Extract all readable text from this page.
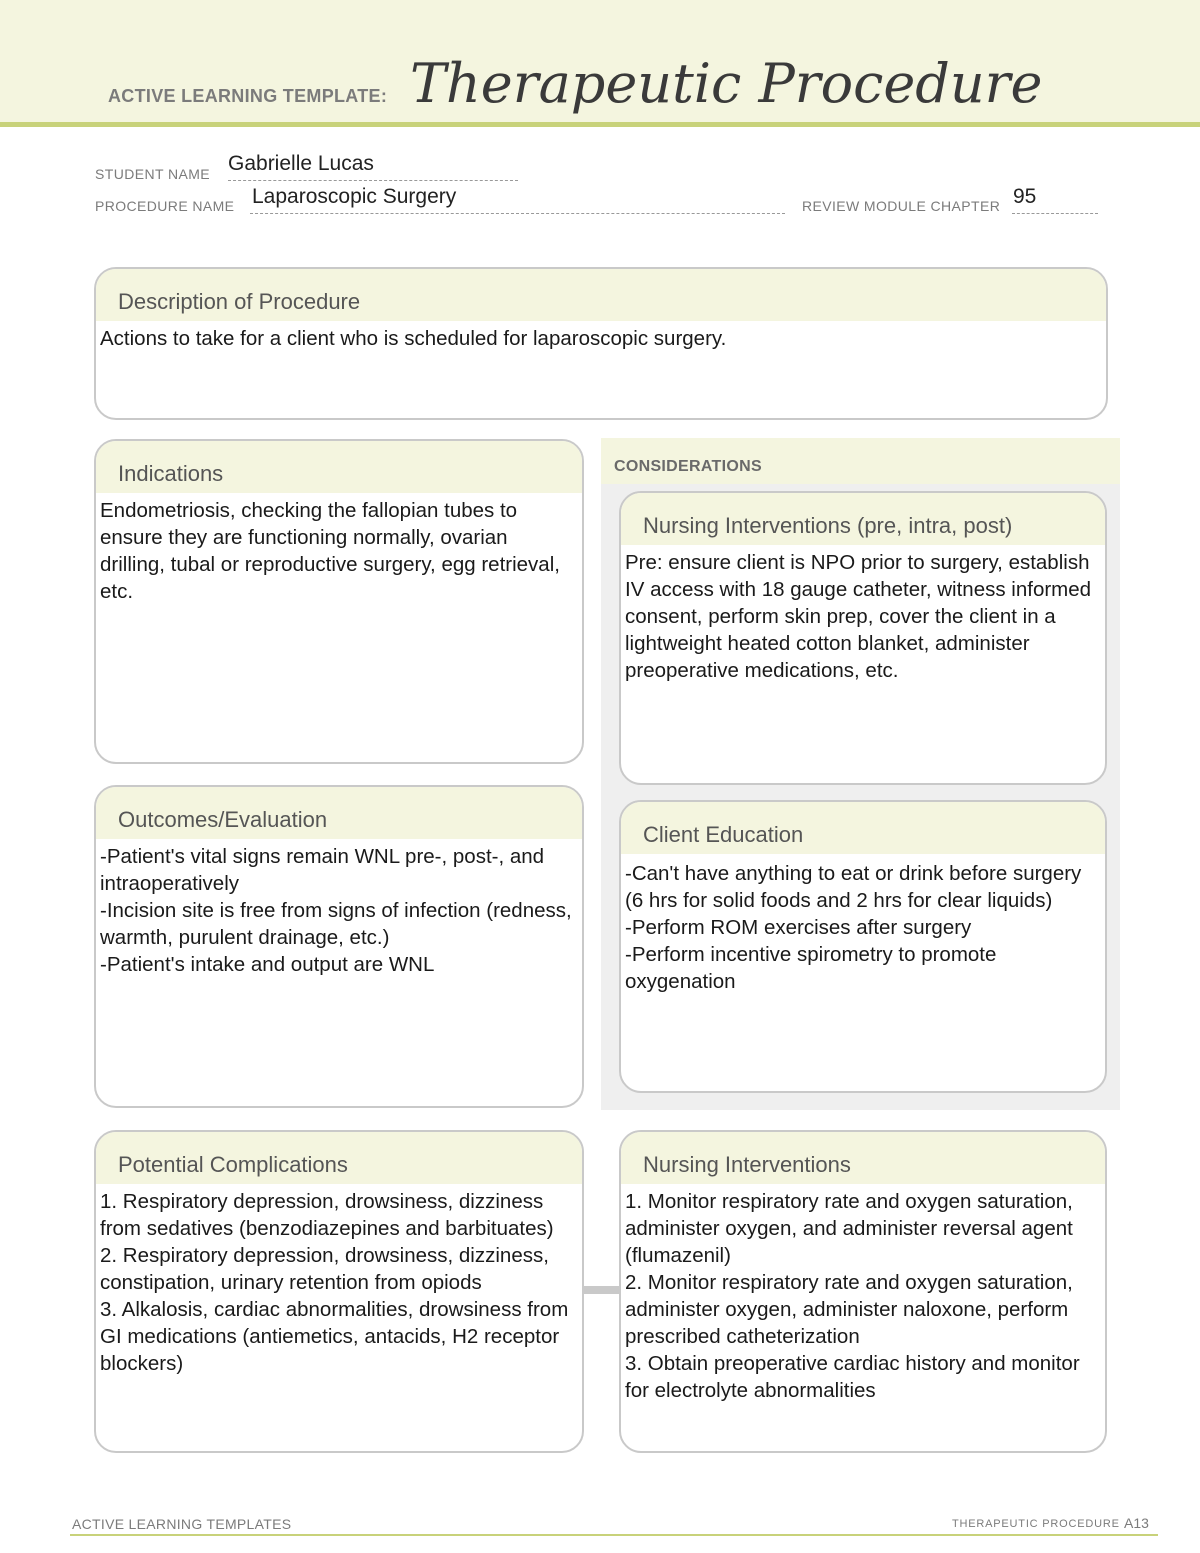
ACTIVE LEARNING TEMPLATE: Therapeutic Procedure
STUDENT NAME Gabrielle Lucas
PROCEDURE NAME Laparoscopic Surgery	REVIEW MODULE CHAPTER 95
Description of Procedure
Actions to take for a client who is scheduled for laparoscopic surgery.
CONSIDERATIONS
Indications
Endometriosis, checking the fallopian tubes to ensure they are functioning normally, ovarian drilling, tubal or reproductive surgery, egg retrieval, etc.
Nursing Interventions (pre, intra, post)
Pre: ensure client is NPO prior to surgery, establish IV access with 18 gauge catheter, witness informed consent, perform skin prep, cover the client in a lightweight heated cotton blanket, administer preoperative medications, etc.
Outcomes/Evaluation
-Patient's vital signs remain WNL pre-, post-, and intraoperatively
-Incision site is free from signs of infection (redness, warmth, purulent drainage, etc.)
-Patient's intake and output are WNL
Client Education
-Can't have anything to eat or drink before surgery (6 hrs for solid foods and 2 hrs for clear liquids)
-Perform ROM exercises after surgery
-Perform incentive spirometry to promote oxygenation
Potential Complications
1. Respiratory depression, drowsiness, dizziness from sedatives (benzodiazepines and barbituates)
2. Respiratory depression, drowsiness, dizziness, constipation, urinary retention from opiods
3. Alkalosis, cardiac abnormalities, drowsiness from GI medications (antiemetics, antacids, H2 receptor blockers)
Nursing Interventions
1. Monitor respiratory rate and oxygen saturation, administer oxygen, and administer reversal agent (flumazenil)
2. Monitor respiratory rate and oxygen saturation, administer oxygen, administer naloxone, perform prescribed catheterization
3. Obtain preoperative cardiac history and monitor for electrolyte abnormalities
ACTIVE LEARNING TEMPLATES	THERAPEUTIC PROCEDURE A13
